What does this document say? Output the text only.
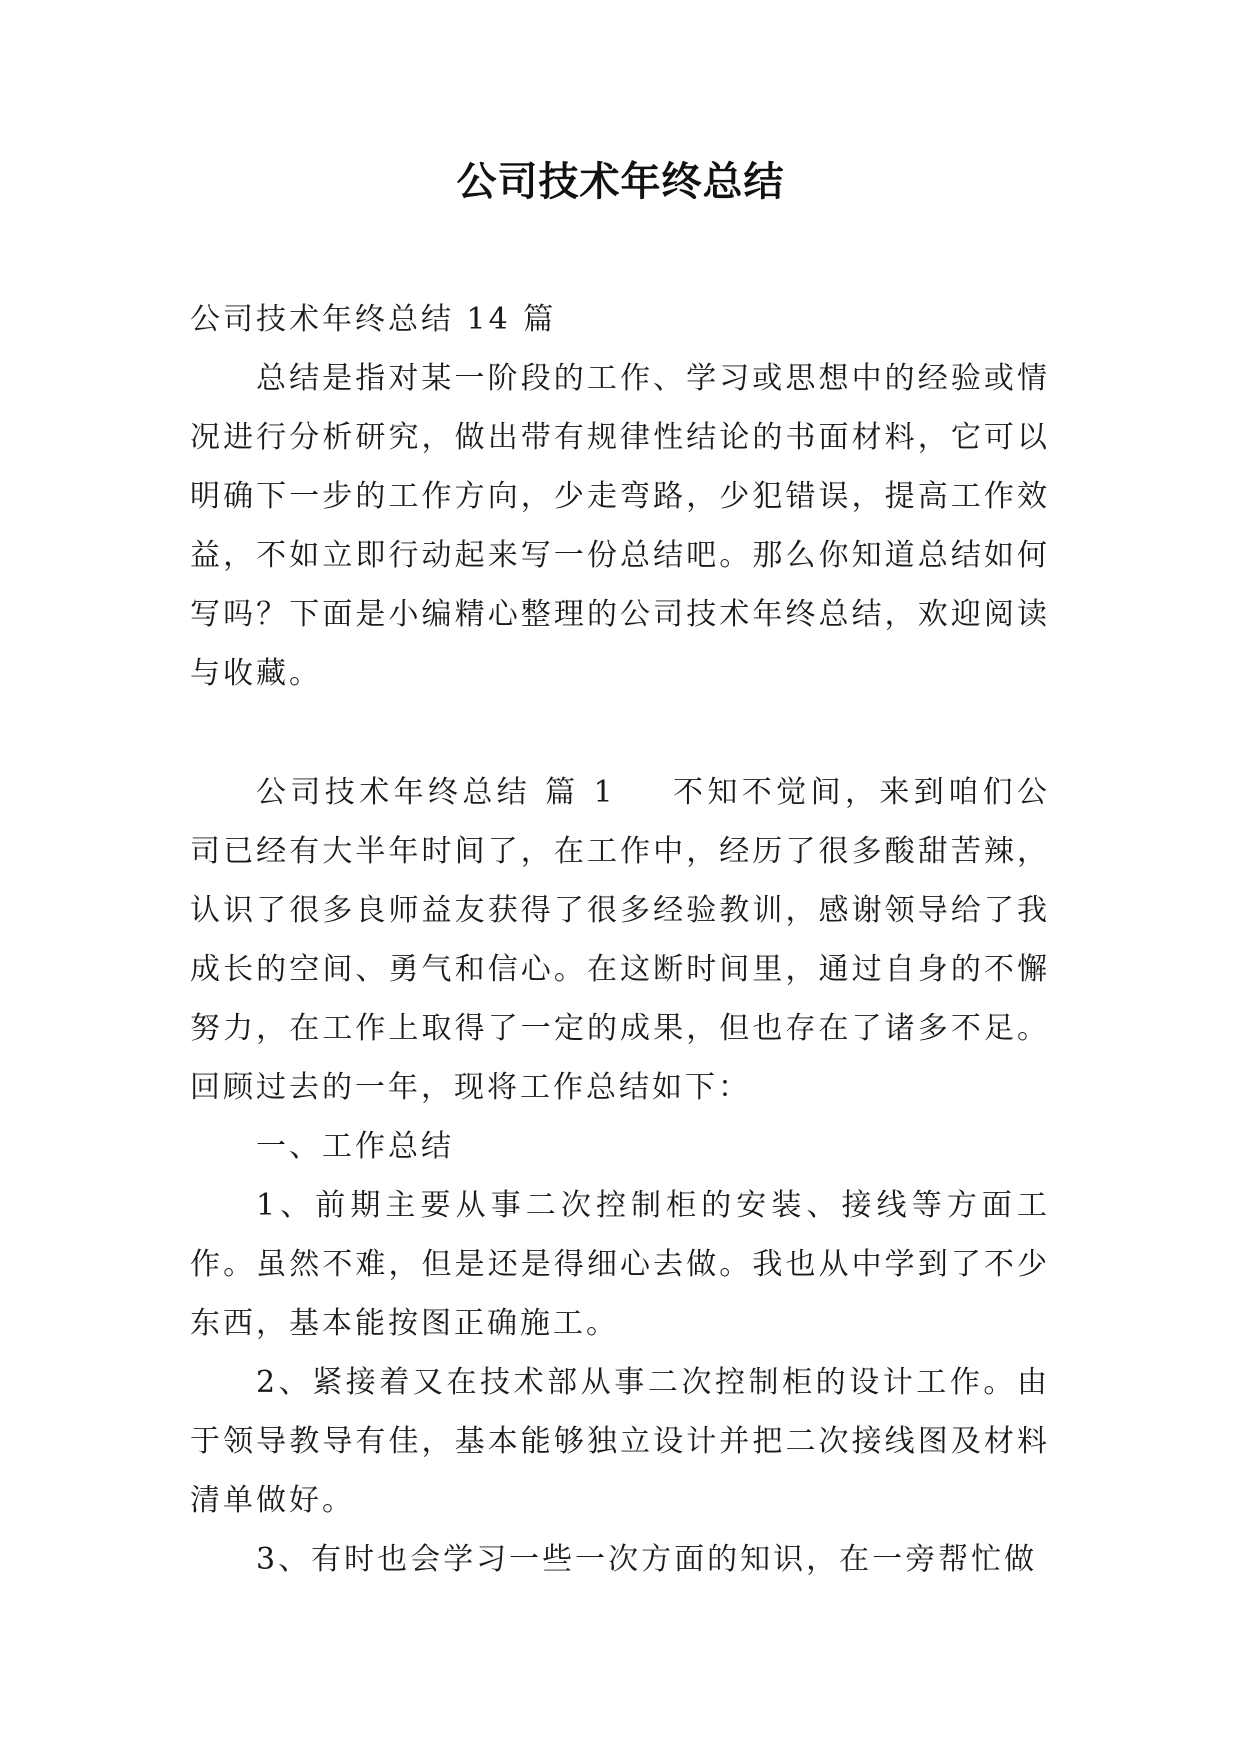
公司技术年终总结

公司技术年终总结 14 篇

总结是指对某一阶段的工作、学习或思想中的经验或情况进行分析研究，做出带有规律性结论的书面材料，它可以明确下一步的工作方向，少走弯路，少犯错误，提高工作效益，不如立即行动起来写一份总结吧。那么你知道总结如何写吗？下面是小编精心整理的公司技术年终总结，欢迎阅读与收藏。

公司技术年终总结 篇 1 不知不觉间，来到咱们公司已经有大半年时间了，在工作中，经历了很多酸甜苦辣，认识了很多良师益友获得了很多经验教训，感谢领导给了我成长的空间、勇气和信心。在这断时间里，通过自身的不懈努力，在工作上取得了一定的成果，但也存在了诸多不足。回顾过去的一年，现将工作总结如下：

一、工作总结

1、前期主要从事二次控制柜的安装、接线等方面工作。虽然不难，但是还是得细心去做。我也从中学到了不少东西，基本能按图正确施工。

2、紧接着又在技术部从事二次控制柜的设计工作。由于领导教导有佳，基本能够独立设计并把二次接线图及材料清单做好。

3、有时也会学习一些一次方面的知识，在一旁帮忙做
